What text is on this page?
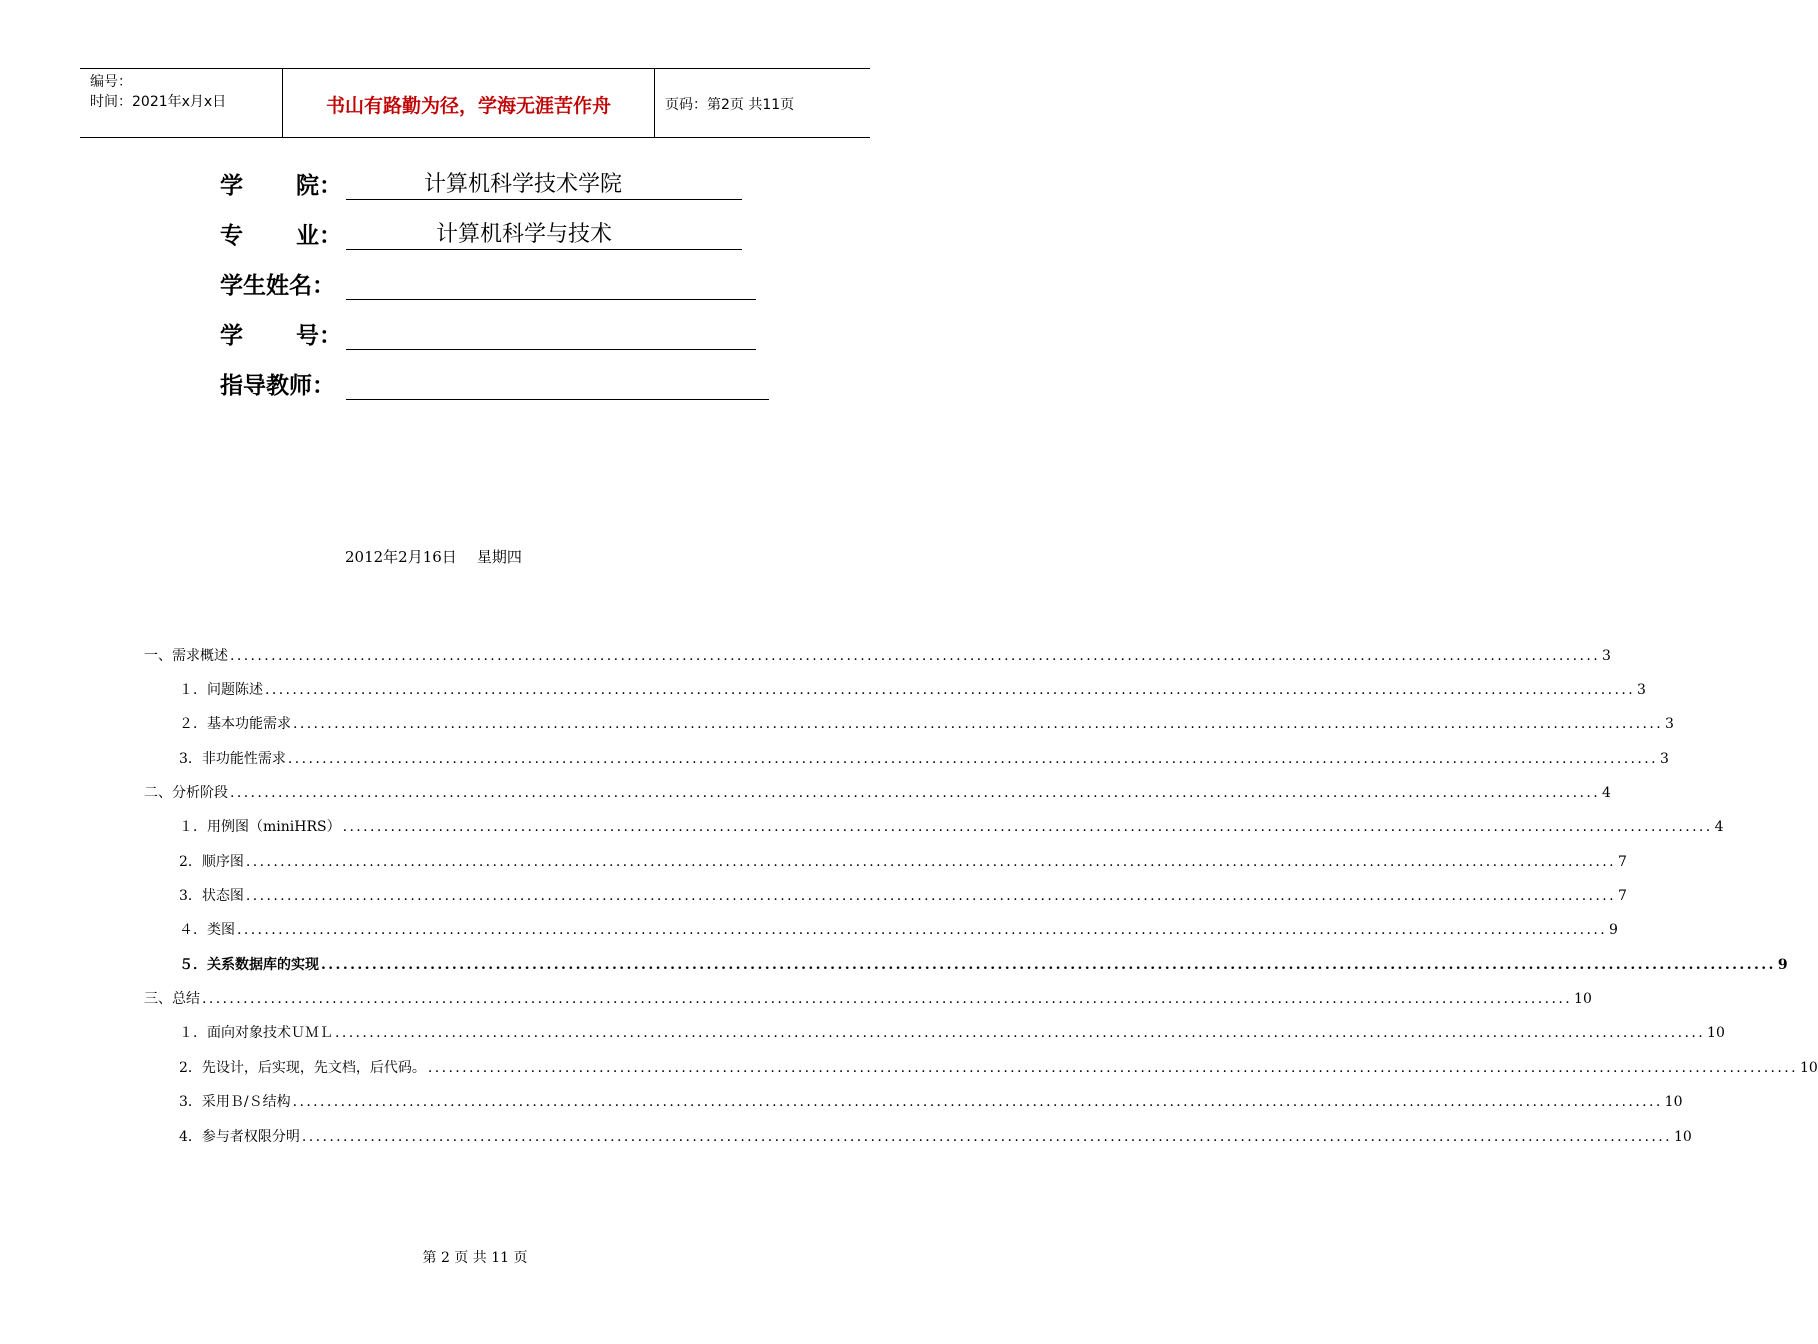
编号：
时间：2021年x月x日	书山有路勤为径，学海无涯苦作舟	页码：第2页 共11页
学 院：	计算机科学技术学院
专 业：	计算机科学与技术
学生姓名：
学 号：
指导教师：
2012年2月16日 星期四
一、需求概述 ........................................................................................................................................................................................................ 3
１．问题陈述 ........................................................................................................................................................................................................ 3
２．基本功能需求 ........................................................................................................................................................................................................ 3
3．非功能性需求 ........................................................................................................................................................................................................ 3
二、分析阶段 ........................................................................................................................................................................................................ 4
１．用例图（miniHRS） ........................................................................................................................................................................................................ 4
2．顺序图 ........................................................................................................................................................................................................ 7
3．状态图 ........................................................................................................................................................................................................ 7
４．类图 ........................................................................................................................................................................................................ 9
５．关系数据库的实现 ........................................................................................................................................................................................................ 9
三、总结 ........................................................................................................................................................................................................ 10
１．面向对象技术ＵＭＬ ........................................................................................................................................................................................................ 10
2．先设计，后实现，先文档，后代码。 ........................................................................................................................................................................................................ 10
3．采用Ｂ/Ｓ结构 ........................................................................................................................................................................................................ 10
4．参与者权限分明 ........................................................................................................................................................................................................ 10
第 2 页 共 11 页
